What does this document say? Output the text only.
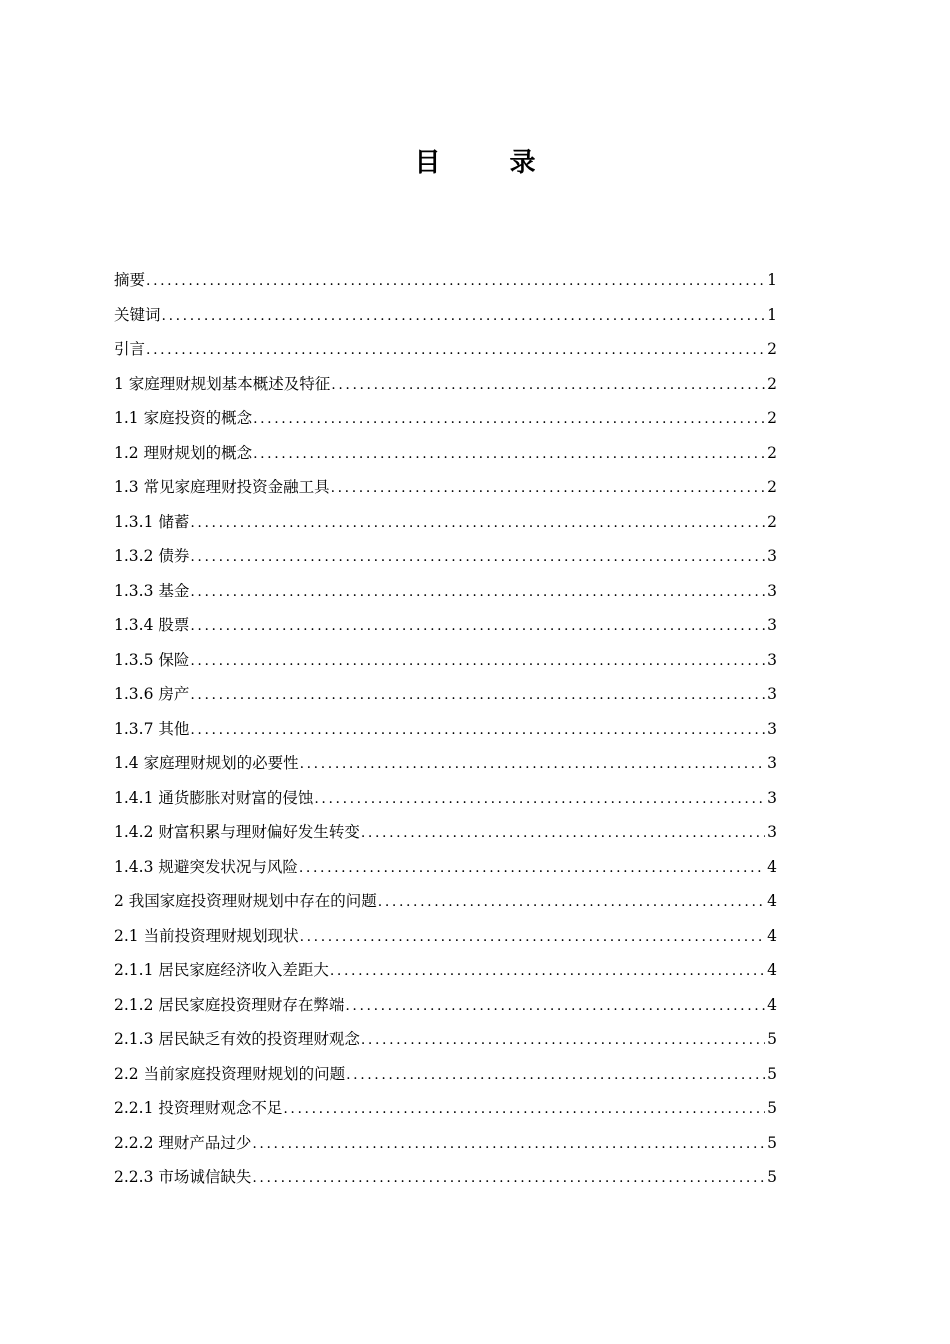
目 录
摘要 .....	1
关键词 .....	1
引言 .....	2
1 家庭理财规划基本概述及特征 .....	2
1.1 家庭投资的概念 .....	2
1.2 理财规划的概念 .....	2
1.3 常见家庭理财投资金融工具 .....	2
1.3.1 储蓄 .....	2
1.3.2 债券 .....	3
1.3.3 基金 .....	3
1.3.4 股票 .....	3
1.3.5 保险 .....	3
1.3.6 房产 .....	3
1.3.7 其他 .....	3
1.4 家庭理财规划的必要性 .....	3
1.4.1 通货膨胀对财富的侵蚀 .....	3
1.4.2 财富积累与理财偏好发生转变 .....	3
1.4.3 规避突发状况与风险 .....	4
2 我国家庭投资理财规划中存在的问题 .....	4
2.1 当前投资理财规划现状 .....	4
2.1.1 居民家庭经济收入差距大 .....	4
2.1.2 居民家庭投资理财存在弊端 .....	4
2.1.3 居民缺乏有效的投资理财观念 .....	5
2.2 当前家庭投资理财规划的问题 .....	5
2.2.1 投资理财观念不足 .....	5
2.2.2 理财产品过少 .....	5
2.2.3 市场诚信缺失 .....	5
